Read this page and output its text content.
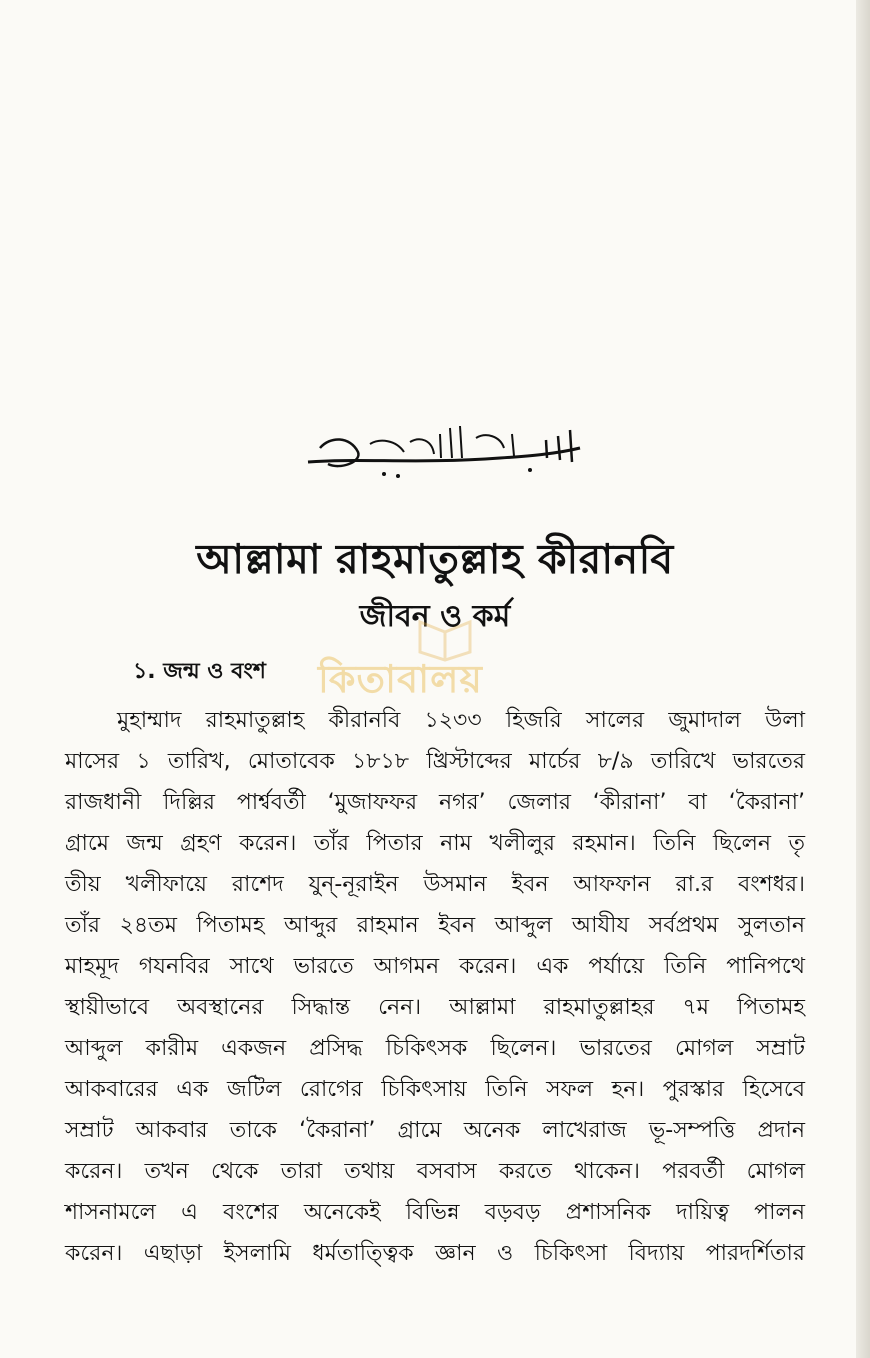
আল্লামা রাহমাতুল্লাহ কীরানবি
জীবন ও কর্ম
কিতাবালয়
১. জন্ম ও বংশ
মুহাম্মাদ রাহমাতুল্লাহ কীরানবি ১২৩৩ হিজরি সালের জুমাদাল উলা
মাসের ১ তারিখ, মোতাবেক ১৮১৮ খ্রিস্টাব্দের মার্চের ৮/৯ তারিখে ভারতের
রাজধানী দিল্লির পার্শ্ববর্তী ‘মুজাফফর নগর’ জেলার ‘কীরানা’ বা ‘কৈরানা’
গ্রামে জন্ম গ্রহণ করেন। তাঁর পিতার নাম খলীলুর রহমান। তিনি ছিলেন তৃ
তীয় খলীফায়ে রাশেদ যুন্-নূরাইন উসমান ইবন আফফান রা.র বংশধর।
তাঁর ২৪তম পিতামহ আব্দুর রাহমান ইবন আব্দুল আযীয সর্বপ্রথম সুলতান
মাহমূদ গযনবির সাথে ভারতে আগমন করেন। এক পর্যায়ে তিনি পানিপথে
স্থায়ীভাবে অবস্থানের সিদ্ধান্ত নেন। আল্লামা রাহমাতুল্লাহর ৭ম পিতামহ
আব্দুল কারীম একজন প্রসিদ্ধ চিকিৎসক ছিলেন। ভারতের মোগল সম্রাট
আকবারের এক জটিল রোগের চিকিৎসায় তিনি সফল হন। পুরস্কার হিসেবে
সম্রাট আকবার তাকে ‘কৈরানা’ গ্রামে অনেক লাখেরাজ ভূ-সম্পত্তি প্রদান
করেন। তখন থেকে তারা তথায় বসবাস করতে থাকেন। পরবর্তী মোগল
শাসনামলে এ বংশের অনেকেই বিভিন্ন বড়বড় প্রশাসনিক দায়িত্ব পালন
করেন। এছাড়া ইসলামি ধর্মতাত্ত্বিক জ্ঞান ও চিকিৎসা বিদ্যায় পারদর্শিতার
